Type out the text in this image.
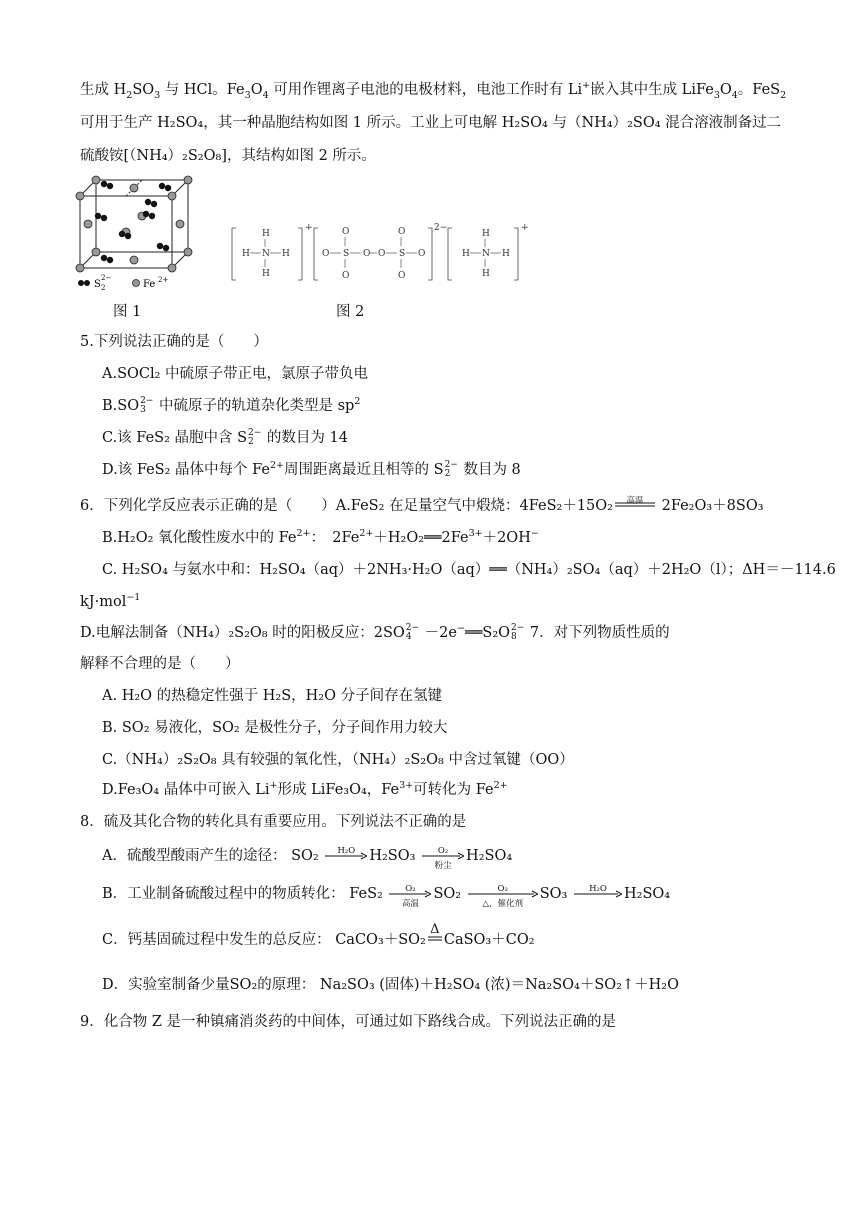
生成 $H_2SO_3$ 与 HCl。$Fe_3O_4$ 可用作锂离子电池的电极材料，电池工作时有 Li+嵌入其中生成 $LiFe_3O_4$。FeS$_2$
可用于生产 H₂SO₄，其一种晶胞结构如图 1 所示。工业上可电解 H₂SO₄ 与（NH₄）₂SO₄ 混合溶液制备过二
硫酸铵[（NH₄）₂S₂O₈]，其结构如图 2 所示。
S
2−
2	Fe 2+
图 1
H
H
H N H
+
O S O O S O
O
O
O
O
2−
H
H
H N H
+
图 2
5.下列说法正确的是（　　）
A.SOCl₂ 中硫原子带正电，氯原子带负电
B.SO 2−
3 中硫原子的轨道杂化类型是 $sp^2$
C.该 FeS₂ 晶胞中含 S 2−
2 的数目为 14
D.该 FeS₂ 晶体中每个 $Fe^{2+}$周围距离最近且相等的 S 2−
2 数目为 8
6．下列化学反应表示正确的是（　　）A.FeS₂ 在足量空气中煅烧：4FeS₂＋15O₂	高温 2Fe₂O₃＋8SO₃
B.H₂O₂ 氧化酸性废水中的 $Fe^{2+}$：　$2Fe^{2+}+H_2O_2══2Fe^{3+}+2OH^-$
C. H₂SO₄ 与氨水中和：H₂SO₄（aq）＋2NH₃·H₂O（aq）══（NH₄）₂SO₄（aq）＋2H₂O（l）；ΔH＝－114.6
kJ·mol$^{-1}$
D.电解法制备（NH₄）₂S₂O₈ 时的阳极反应：2SO 2−
4 －2e−══S₂O 2−
8 7．对下列物质性质的
解释不合理的是（　　）
A. H₂O 的热稳定性强于 H₂S，H₂O 分子间存在氢键
B. SO₂ 易液化，SO₂ 是极性分子，分子间作用力较大
C.（NH₄）₂S₂O₈ 具有较强的氧化性，（NH₄）₂S₂O₈ 中含过氧键（OO）
D.Fe₃O₄ 晶体中可嵌入 Li+形成 LiFe₃O₄，$Fe^{3+}$可转化为 $Fe^{2+}$
8．硫及其化合物的转化具有重要应用。下列说法不正确的是
A．硫酸型酸雨产生的途径： SO₂	H₂O H₂SO₃	O₂
粉尘
H₂SO₄
B．工业制备硫酸过程中的物质转化： FeS₂	O₂
高温
SO₂	O₂
△，催化剂
SO₃	H₂O	H₂SO₄
C．钙基固硫过程中发生的总反应： CaCO₃＋SO₂
Δ
CaSO₃＋CO₂
D．实验室制备少量SO₂的原理： Na₂SO₃ (固体)＋H₂SO₄ (浓)＝Na₂SO₄＋SO₂↑＋H₂O
9．化合物 Z 是一种镇痛消炎药的中间体，可通过如下路线合成。下列说法正确的是
